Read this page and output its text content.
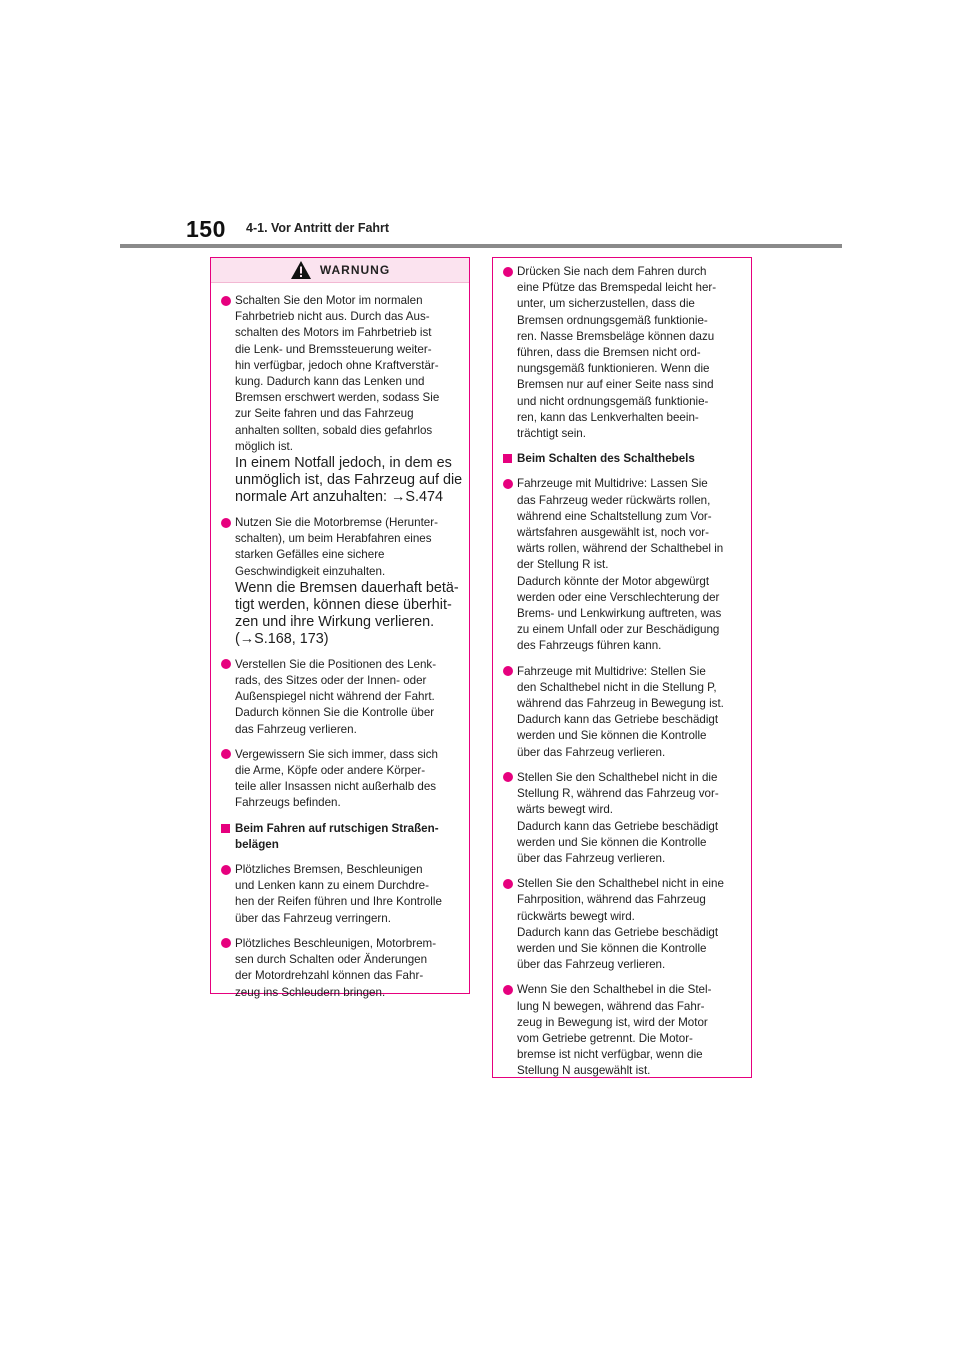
150 4-1. Vor Antritt der Fahrt
WARNUNG
Schalten Sie den Motor im normalen
Fahrbetrieb nicht aus. Durch das Aus-
schalten des Motors im Fahrbetrieb ist
die Lenk- und Bremssteuerung weiter-
hin verfügbar, jedoch ohne Kraftverstär-
kung. Dadurch kann das Lenken und
Bremsen erschwert werden, sodass Sie
zur Seite fahren und das Fahrzeug
anhalten sollten, sobald dies gefahrlos
möglich ist.
In einem Notfall jedoch, in dem es
unmöglich ist, das Fahrzeug auf die
normale Art anzuhalten: →S.474
Nutzen Sie die Motorbremse (Herunter-
schalten), um beim Herabfahren eines
starken Gefälles eine sichere
Geschwindigkeit einzuhalten.
Wenn die Bremsen dauerhaft betä-
tigt werden, können diese überhit-
zen und ihre Wirkung verlieren.
(→S.168, 173)
Verstellen Sie die Positionen des Lenk-
rads, des Sitzes oder der Innen- oder
Außenspiegel nicht während der Fahrt.
Dadurch können Sie die Kontrolle über
das Fahrzeug verlieren.
Vergewissern Sie sich immer, dass sich
die Arme, Köpfe oder andere Körper-
teile aller Insassen nicht außerhalb des
Fahrzeugs befinden.
Beim Fahren auf rutschigen Straßen-
belägen
Plötzliches Bremsen, Beschleunigen
und Lenken kann zu einem Durchdre-
hen der Reifen führen und Ihre Kontrolle
über das Fahrzeug verringern.
Plötzliches Beschleunigen, Motorbrem-
sen durch Schalten oder Änderungen
der Motordrehzahl können das Fahr-
zeug ins Schleudern bringen.
Drücken Sie nach dem Fahren durch
eine Pfütze das Bremspedal leicht her-
unter, um sicherzustellen, dass die
Bremsen ordnungsgemäß funktionie-
ren. Nasse Bremsbeläge können dazu
führen, dass die Bremsen nicht ord-
nungsgemäß funktionieren. Wenn die
Bremsen nur auf einer Seite nass sind
und nicht ordnungsgemäß funktionie-
ren, kann das Lenkverhalten beein-
trächtigt sein.
Beim Schalten des Schalthebels
Fahrzeuge mit Multidrive: Lassen Sie
das Fahrzeug weder rückwärts rollen,
während eine Schaltstellung zum Vor-
wärtsfahren ausgewählt ist, noch vor-
wärts rollen, während der Schalthebel in
der Stellung R ist.
Dadurch könnte der Motor abgewürgt
werden oder eine Verschlechterung der
Brems- und Lenkwirkung auftreten, was
zu einem Unfall oder zur Beschädigung
des Fahrzeugs führen kann.
Fahrzeuge mit Multidrive: Stellen Sie
den Schalthebel nicht in die Stellung P,
während das Fahrzeug in Bewegung ist.
Dadurch kann das Getriebe beschädigt
werden und Sie können die Kontrolle
über das Fahrzeug verlieren.
Stellen Sie den Schalthebel nicht in die
Stellung R, während das Fahrzeug vor-
wärts bewegt wird.
Dadurch kann das Getriebe beschädigt
werden und Sie können die Kontrolle
über das Fahrzeug verlieren.
Stellen Sie den Schalthebel nicht in eine
Fahrposition, während das Fahrzeug
rückwärts bewegt wird.
Dadurch kann das Getriebe beschädigt
werden und Sie können die Kontrolle
über das Fahrzeug verlieren.
Wenn Sie den Schalthebel in die Stel-
lung N bewegen, während das Fahr-
zeug in Bewegung ist, wird der Motor
vom Getriebe getrennt. Die Motor-
bremse ist nicht verfügbar, wenn die
Stellung N ausgewählt ist.
